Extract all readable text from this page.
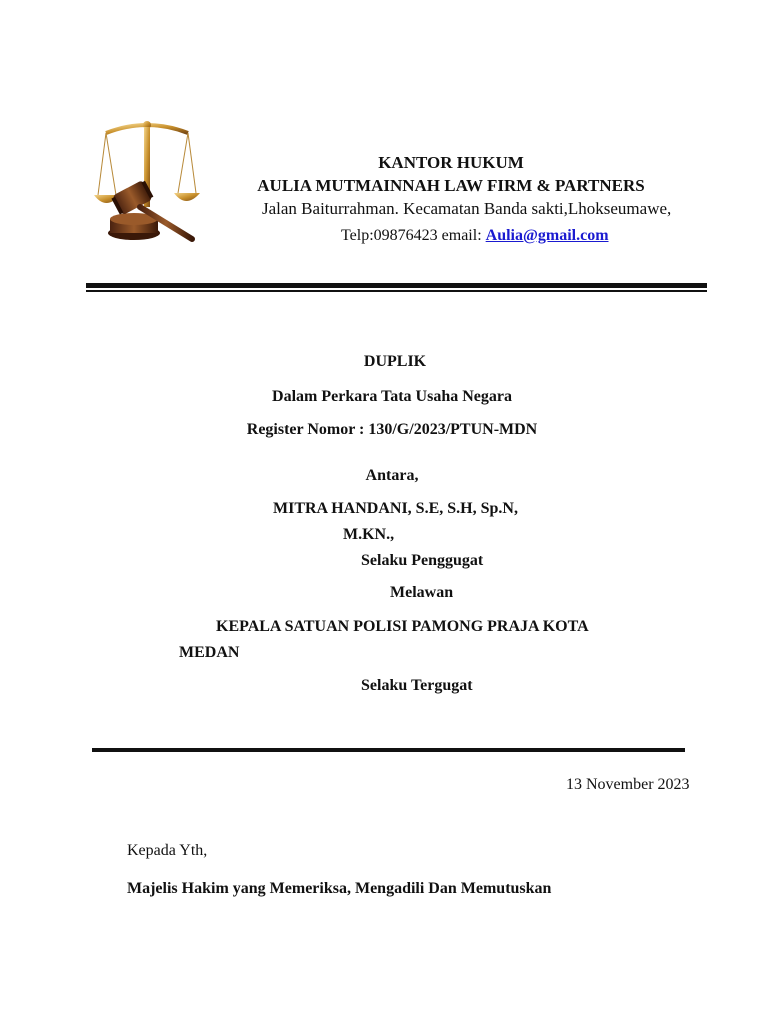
KANTOR HUKUM
AULIA MUTMAINNAH LAW FIRM & PARTNERS
Jalan Baiturrahman. Kecamatan Banda sakti,Lhokseumawe,
Telp:09876423 email: Aulia@gmail.com
DUPLIK
Dalam Perkara Tata Usaha Negara
Register Nomor : 130/G/2023/PTUN-MDN
Antara,
MITRA HANDANI, S.E, S.H, Sp.N,
M.KN.,
Selaku Penggugat
Melawan
KEPALA SATUAN POLISI PAMONG PRAJA KOTA
MEDAN
Selaku Tergugat
13 November 2023
Kepada Yth,
Majelis Hakim yang Memeriksa, Mengadili Dan Memutuskan
